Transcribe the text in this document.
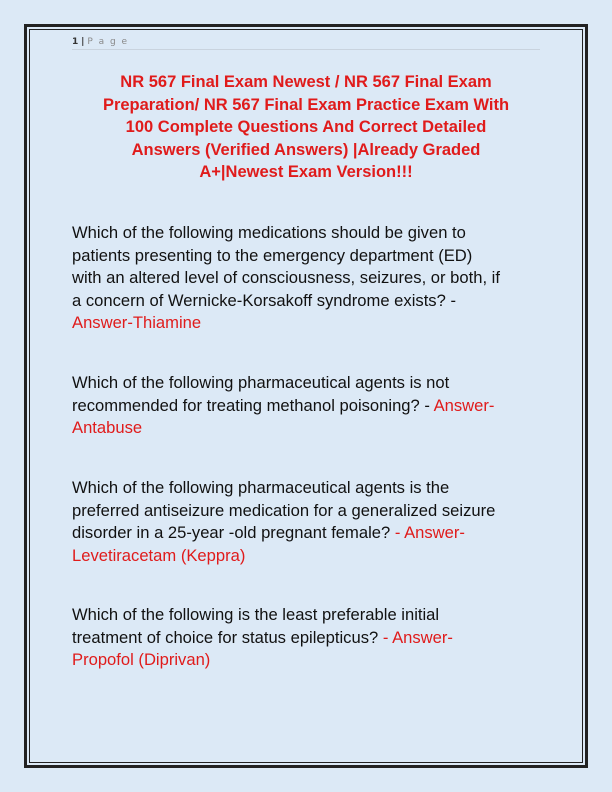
1 | P a g e
NR 567 Final Exam Newest / NR 567 Final Exam
Preparation/ NR 567 Final Exam Practice Exam With
100 Complete Questions And Correct Detailed
Answers (Verified Answers) |Already Graded
A+|Newest Exam Version!!!
Which of the following medications should be given to
patients presenting to the emergency department (ED)
with an altered level of consciousness, seizures, or both, if
a concern of Wernicke-Korsakoff syndrome exists? -
Answer-Thiamine
Which of the following pharmaceutical agents is not
recommended for treating methanol poisoning? - Answer-
Antabuse
Which of the following pharmaceutical agents is the
preferred antiseizure medication for a generalized seizure
disorder in a 25-year -old pregnant female? - Answer-
Levetiracetam (Keppra)
Which of the following is the least preferable initial
treatment of choice for status epilepticus? - Answer-
Propofol (Diprivan)
